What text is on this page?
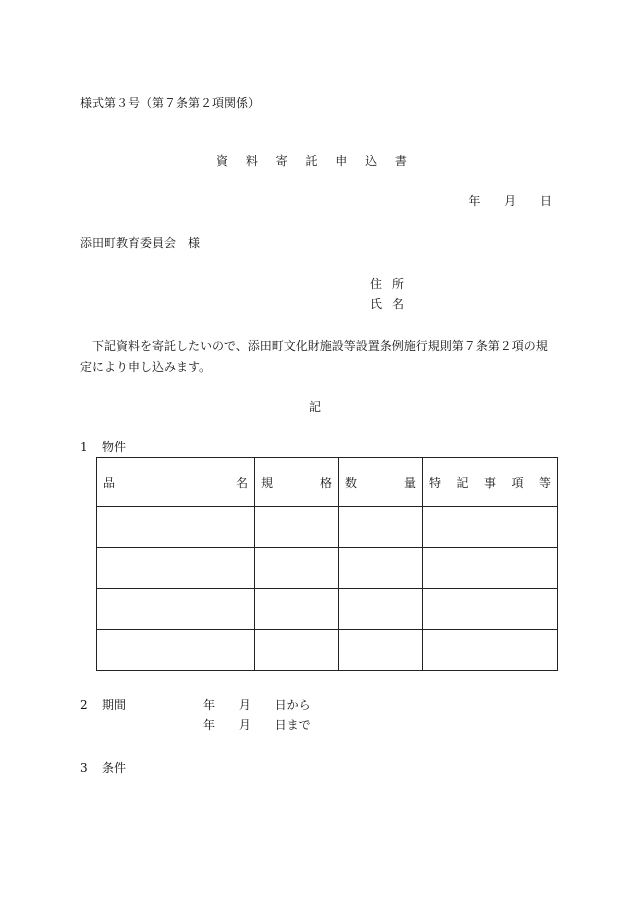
様式第３号（第７条第２項関係）
資 料 寄 託 申 込 書
年 月 日
添田町教育委員会　様
住所
氏名
下記資料を寄託したいので、添田町文化財施設等設置条例施行規則第７条第２項の規定により申し込みます。
記
1 物件
品 名	規 格	数 量	特 記 事 項 等

2 期間	年 月 日から
年 月 日まで
3 条件
